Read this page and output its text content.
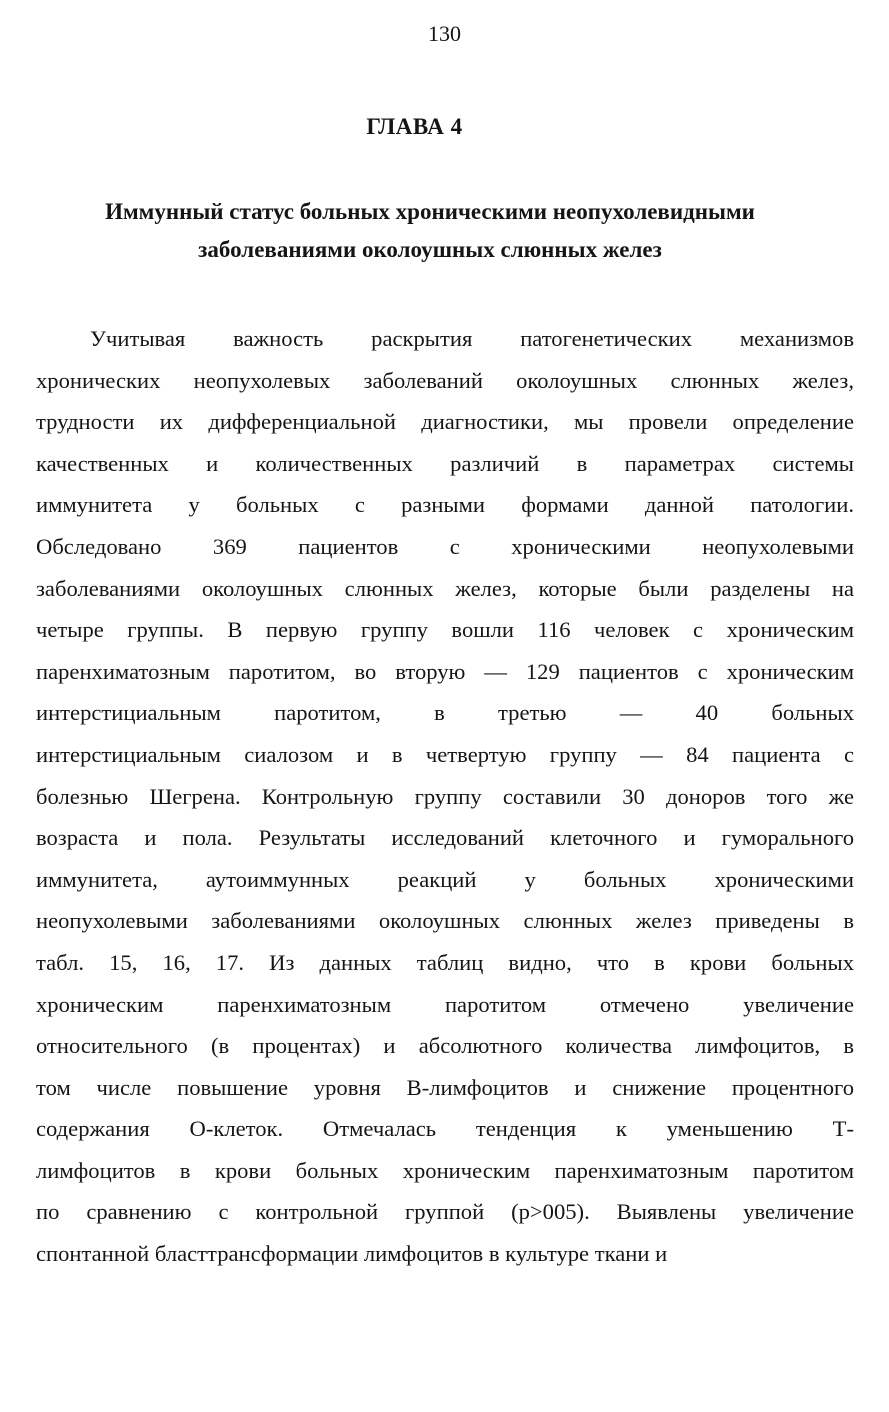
130
ГЛАВА 4
Иммунный статус больных хроническими неопухолевидными
заболеваниями околоушных слюнных желез
Учитывая важность раскрытия патогенетических механизмов
хронических неопухолевых заболеваний околоушных слюнных желез,
трудности их дифференциальной диагностики, мы провели определение
качественных и количественных различий в параметрах системы
иммунитета у больных с разными формами данной патологии.
Обследовано 369 пациентов с хроническими неопухолевыми
заболеваниями околоушных слюнных желез, которые были разделены на
четыре группы. В первую группу вошли 116 человек с хроническим
паренхиматозным паротитом, во вторую — 129 пациентов с хроническим
интерстициальным паротитом, в третью — 40 больных
интерстициальным сиалозом и в четвертую группу — 84 пациента с
болезнью Шегрена. Контрольную группу составили 30 доноров того же
возраста и пола. Результаты исследований клеточного и гуморального
иммунитета, аутоиммунных реакций у больных хроническими
неопухолевыми заболеваниями околоушных слюнных желез приведены в
табл. 15, 16, 17. Из данных таблиц видно, что в крови больных
хроническим паренхиматозным паротитом отмечено увеличение
относительного (в процентах) и абсолютного количества лимфоцитов, в
том числе повышение уровня В-лимфоцитов и снижение процентного
содержания О-клеток. Отмечалась тенденция к уменьшению Т-
лимфоцитов в крови больных хроническим паренхиматозным паротитом
по сравнению с контрольной группой (р>005). Выявлены увеличение
спонтанной бласттрансформации лимфоцитов в культуре ткани и
